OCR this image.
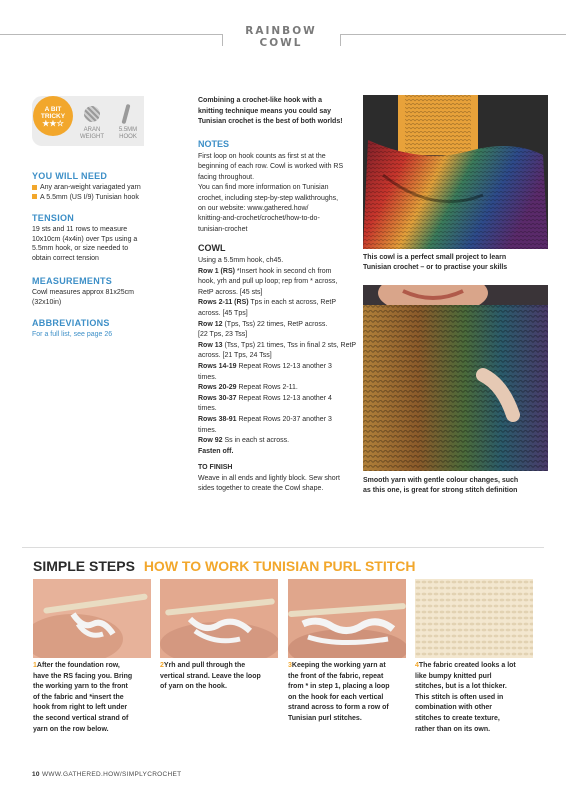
RAINBOW COWL
A BIT
TRICKY
★★☆
ARAN
WEIGHT
5.5MM
HOOK
YOU WILL NEED
Any aran-weight variagated yarn
A 5.5mm (US I/9) Tunisian hook
TENSION
19 sts and 11 rows to measure
10x10cm (4x4in) over Tps using a
5.5mm hook, or size needed to
obtain correct tension
MEASUREMENTS
Cowl measures approx 81x25cm
(32x10in)
ABBREVIATIONS
For a full list, see page 26
Combining a crochet-like hook with a
knitting technique means you could say
Tunisian crochet is the best of both worlds!
NOTES
First loop on hook counts as first st at the
beginning of each row. Cowl is worked with RS
facing throughout.
You can find more information on Tunisian
crochet, including step-by-step walkthroughs,
on our website: www.gathered.how/
knitting-and-crochet/crochet/how-to-do-
tunisian-crochet
COWL
Using a 5.5mm hook, ch45.
Row 1 (RS) *Insert hook in second ch from
hook, yrh and pull up loop; rep from * across,
RetP across. [45 sts]
Rows 2-11 (RS) Tps in each st across, RetP
across. [45 Tps]
Row 12 (Tps, Tss) 22 times, RetP across.
[22 Tps, 23 Tss]
Row 13 (Tss, Tps) 21 times, Tss in final 2 sts, RetP
across. [21 Tps, 24 Tss]
Rows 14-19 Repeat Rows 12-13 another 3
times.
Rows 20-29 Repeat Rows 2-11.
Rows 30-37 Repeat Rows 12-13 another 4
times.
Rows 38-91 Repeat Rows 20-37 another 3
times.
Row 92 Ss in each st across.
Fasten off.
TO FINISH
Weave in all ends and lightly block. Sew short
sides together to create the Cowl shape.
This cowl is a perfect small project to learn
Tunisian crochet – or to practise your skills
Smooth yarn with gentle colour changes, such
as this one, is great for strong stitch definition
SIMPLE STEPS HOW TO WORK TUNISIAN PURL STITCH
1After the foundation row,
have the RS facing you. Bring
the working yarn to the front
of the fabric and *insert the
hook from right to left under
the second vertical strand of
yarn on the row below.
2Yrh and pull through the
vertical strand. Leave the loop
of yarn on the hook.
3Keeping the working yarn at
the front of the fabric, repeat
from * in step 1, placing a loop
on the hook for each vertical
strand across to form a row of
Tunisian purl stitches.
4The fabric created looks a lot
like bumpy knitted purl
stitches, but is a lot thicker.
This stitch is often used in
combination with other
stitches to create texture,
rather than on its own.
10 WWW.GATHERED.HOW/SIMPLYCROCHET
